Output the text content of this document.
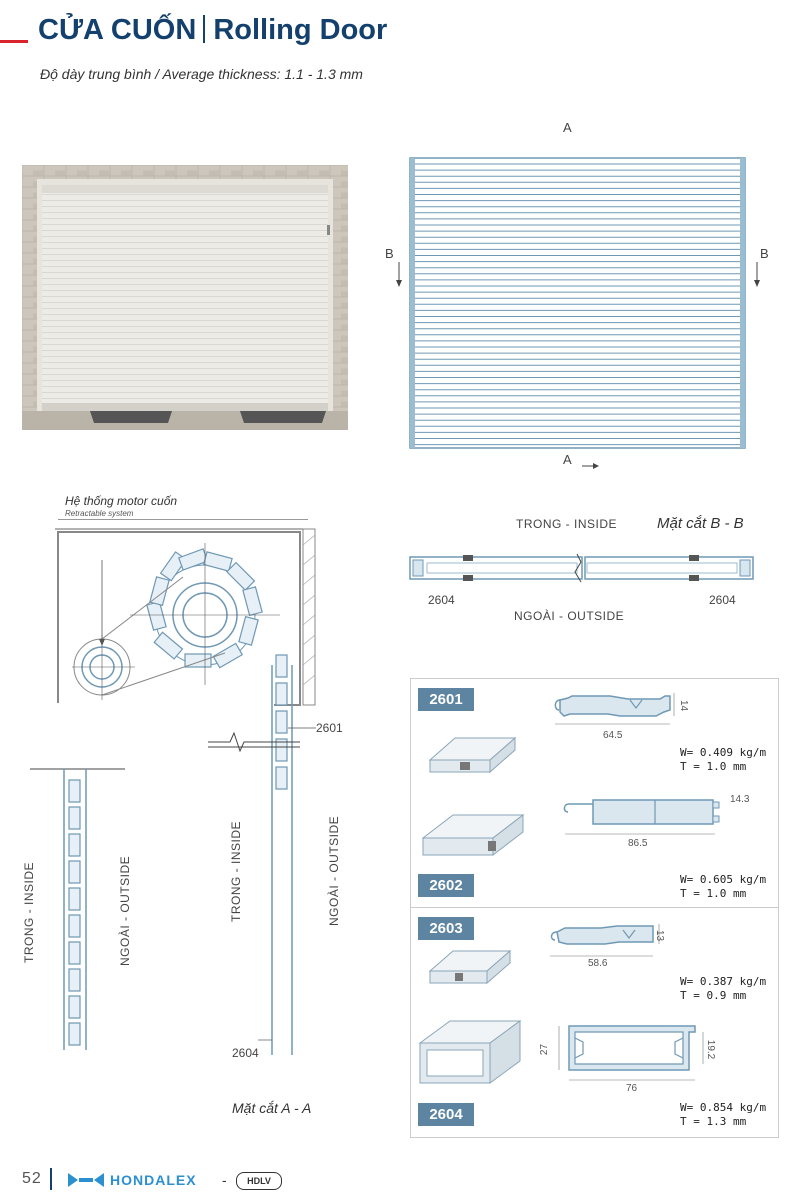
CỬA CUỐN Rolling Door
Độ dày trung bình / Average thickness: 1.1 - 1.3 mm
A
A
B	B
Hệ thống motor cuốn
Retractable system
2601
2604
Mặt cắt A - A
TRONG - INSIDE	NGOÀI - OUTSIDE	TRONG - INSIDE	NGOÀI - OUTSIDE
TRONG - INSIDE	Mặt cắt B - B
2604	2604
NGOÀI - OUTSIDE
2601
64.5
14
W= 0.409 kg/m
T = 1.0 mm
14.3
86.5
2602	W= 0.605 kg/m
T = 1.0 mm
2603
58.6
13
W= 0.387 kg/m
T = 0.9 mm
27	19.2
76
2604	W= 0.854 kg/m
T = 1.3 mm
52	HONDALEX -	HDLV
